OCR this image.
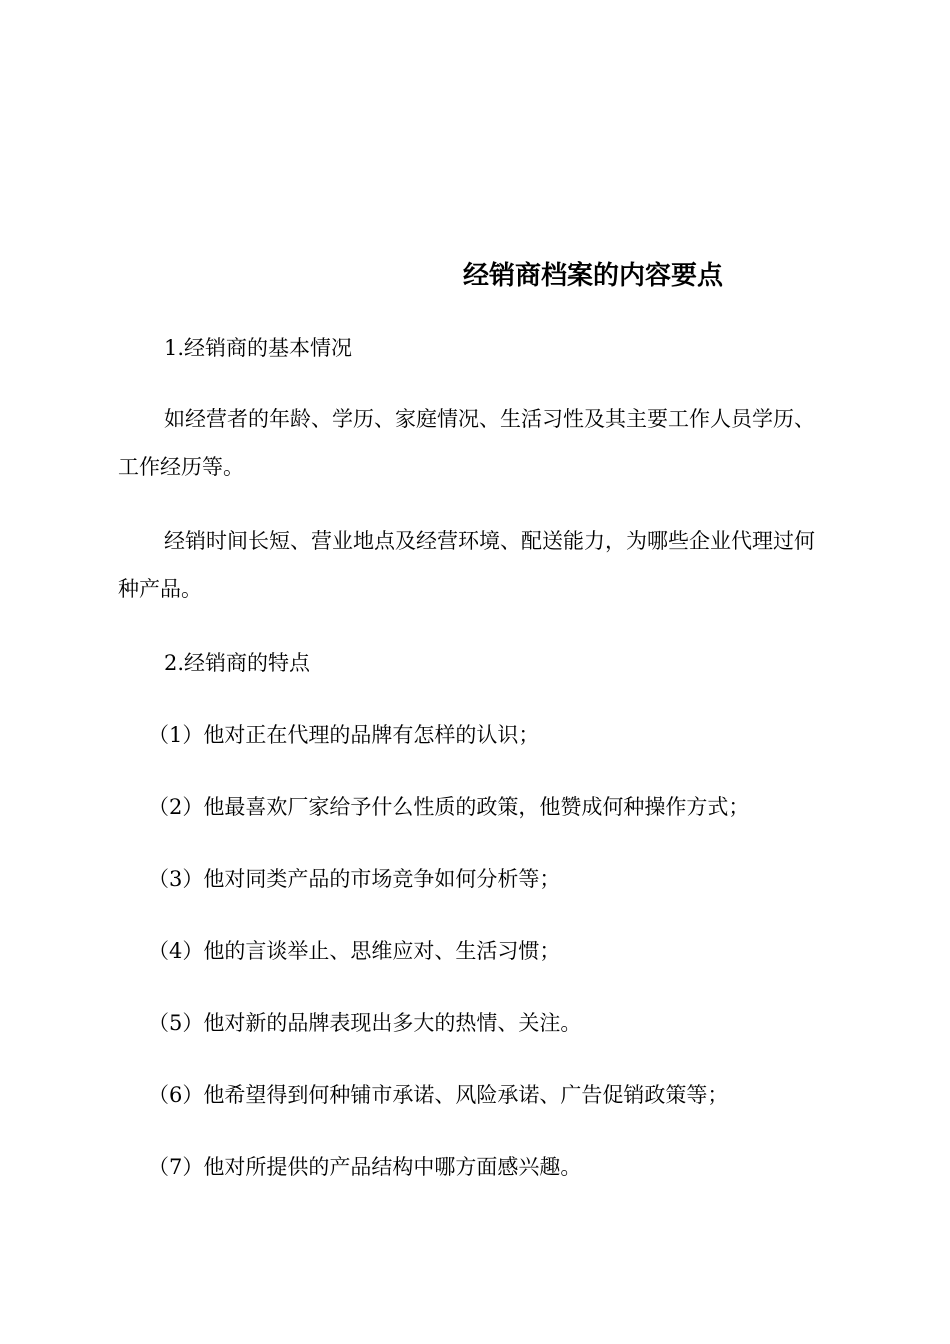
经销商档案的内容要点

1.经销商的基本情况

如经营者的年龄、学历、家庭情况、生活习性及其主要工作人员学历、工作经历等。

经销时间长短、营业地点及经营环境、配送能力，为哪些企业代理过何种产品。

2.经销商的特点

（1）他对正在代理的品牌有怎样的认识；

（2）他最喜欢厂家给予什么性质的政策，他赞成何种操作方式；

（3）他对同类产品的市场竞争如何分析等；

（4）他的言谈举止、思维应对、生活习惯；

（5）他对新的品牌表现出多大的热情、关注。

（6）他希望得到何种铺市承诺、风险承诺、广告促销政策等；

（7）他对所提供的产品结构中哪方面感兴趣。
